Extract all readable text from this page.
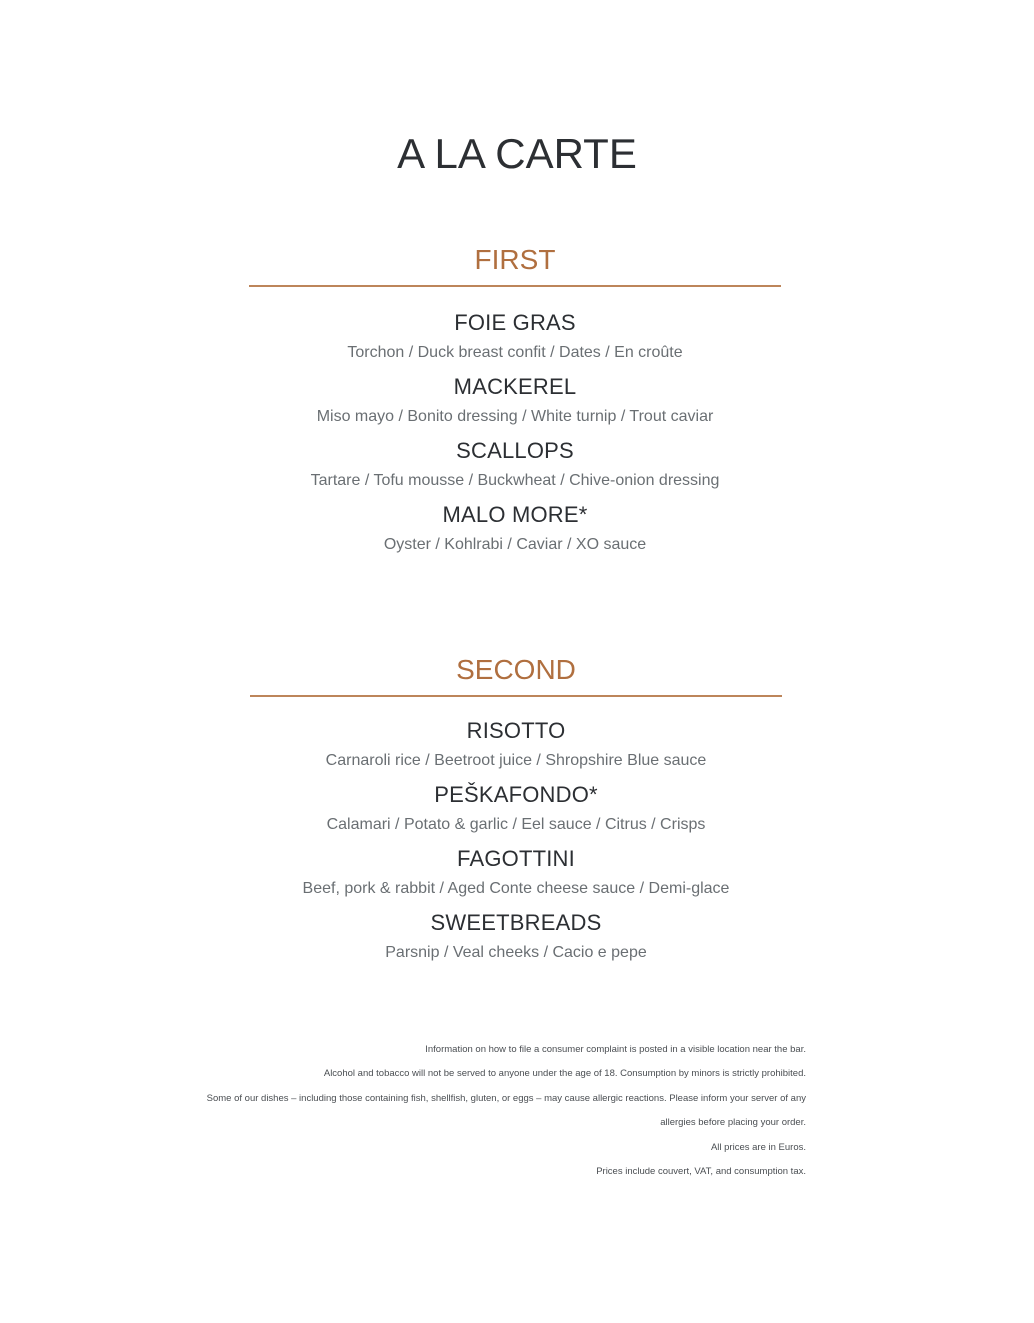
A LA CARTE
FIRST
FOIE GRAS
Torchon / Duck breast confit / Dates / En croûte
MACKEREL
Miso mayo / Bonito dressing / White turnip / Trout caviar
SCALLOPS
Tartare / Tofu mousse / Buckwheat / Chive-onion dressing
MALO MORE*
Oyster / Kohlrabi / Caviar / XO sauce
SECOND
RISOTTO
Carnaroli rice / Beetroot juice / Shropshire Blue sauce
PEŠKAFONDO*
Calamari / Potato & garlic / Eel sauce / Citrus / Crisps
FAGOTTINI
Beef, pork & rabbit / Aged Conte cheese sauce / Demi-glace
SWEETBREADS
Parsnip / Veal cheeks / Cacio e pepe
Information on how to file a consumer complaint is posted in a visible location near the bar.
Alcohol and tobacco will not be served to anyone under the age of 18. Consumption by minors is strictly prohibited.
Some of our dishes – including those containing fish, shellfish, gluten, or eggs – may cause allergic reactions. Please inform your server of any
allergies before placing your order.
All prices are in Euros.
Prices include couvert, VAT, and consumption tax.
